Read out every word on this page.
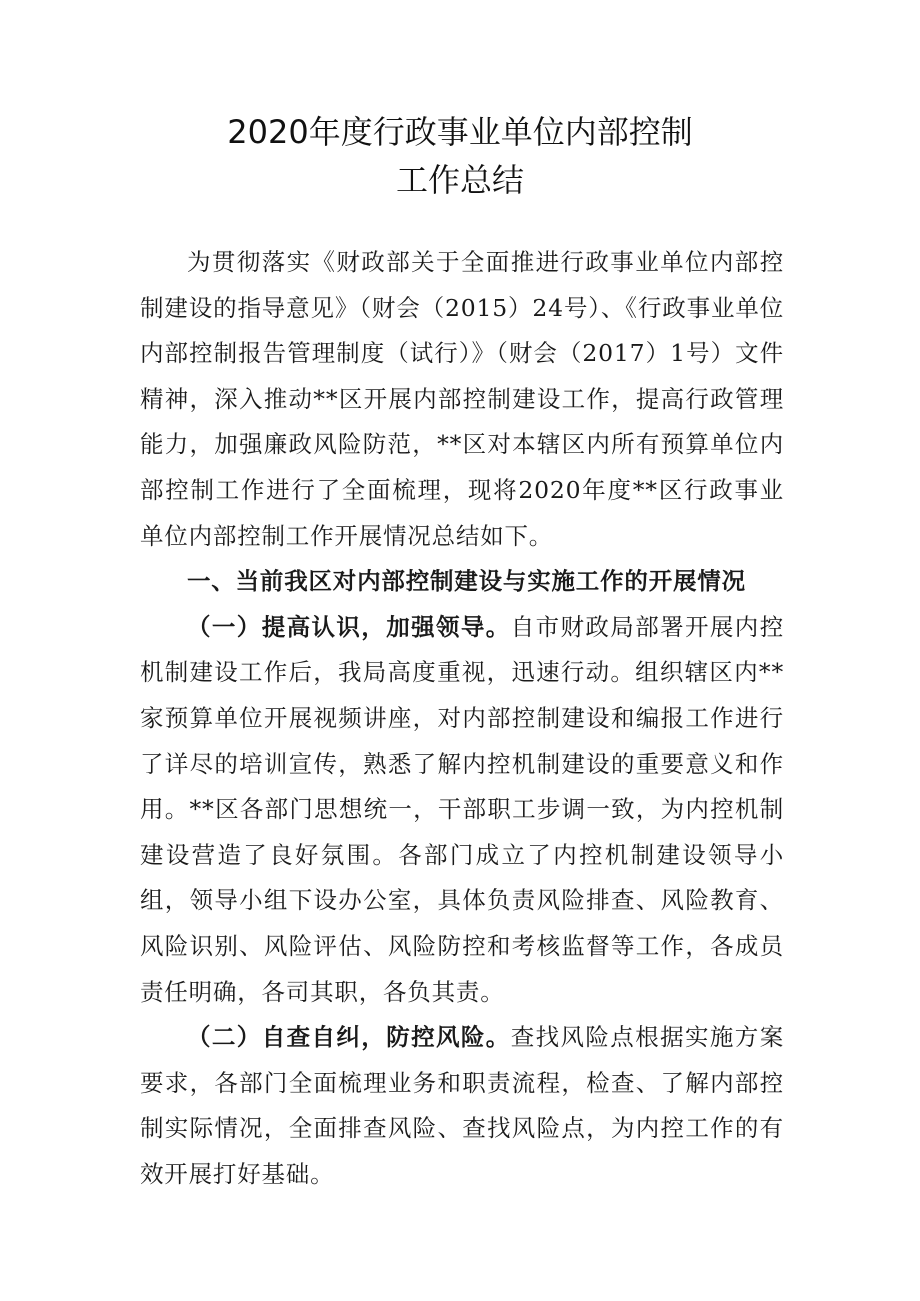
2020年度行政事业单位内部控制
工作总结

为贯彻落实《财政部关于全面推进行政事业单位内部控制建设的指导意见》（财会（2015）24号）、《行政事业单位内部控制报告管理制度（试行）》（财会（2017）1号）文件精神，深入推动**区开展内部控制建设工作，提高行政管理能力，加强廉政风险防范，**区对本辖区内所有预算单位内部控制工作进行了全面梳理，现将2020年度**区行政事业单位内部控制工作开展情况总结如下。

一、当前我区对内部控制建设与实施工作的开展情况

（一）提高认识，加强领导。自市财政局部署开展内控机制建设工作后，我局高度重视，迅速行动。组织辖区内**家预算单位开展视频讲座，对内部控制建设和编报工作进行了详尽的培训宣传，熟悉了解内控机制建设的重要意义和作用。**区各部门思想统一，干部职工步调一致，为内控机制建设营造了良好氛围。各部门成立了内控机制建设领导小组，领导小组下设办公室，具体负责风险排查、风险教育、风险识别、风险评估、风险防控和考核监督等工作，各成员责任明确，各司其职，各负其责。

（二）自查自纠，防控风险。查找风险点根据实施方案要求，各部门全面梳理业务和职责流程，检查、了解内部控制实际情况，全面排查风险、查找风险点，为内控工作的有效开展打好基础。
